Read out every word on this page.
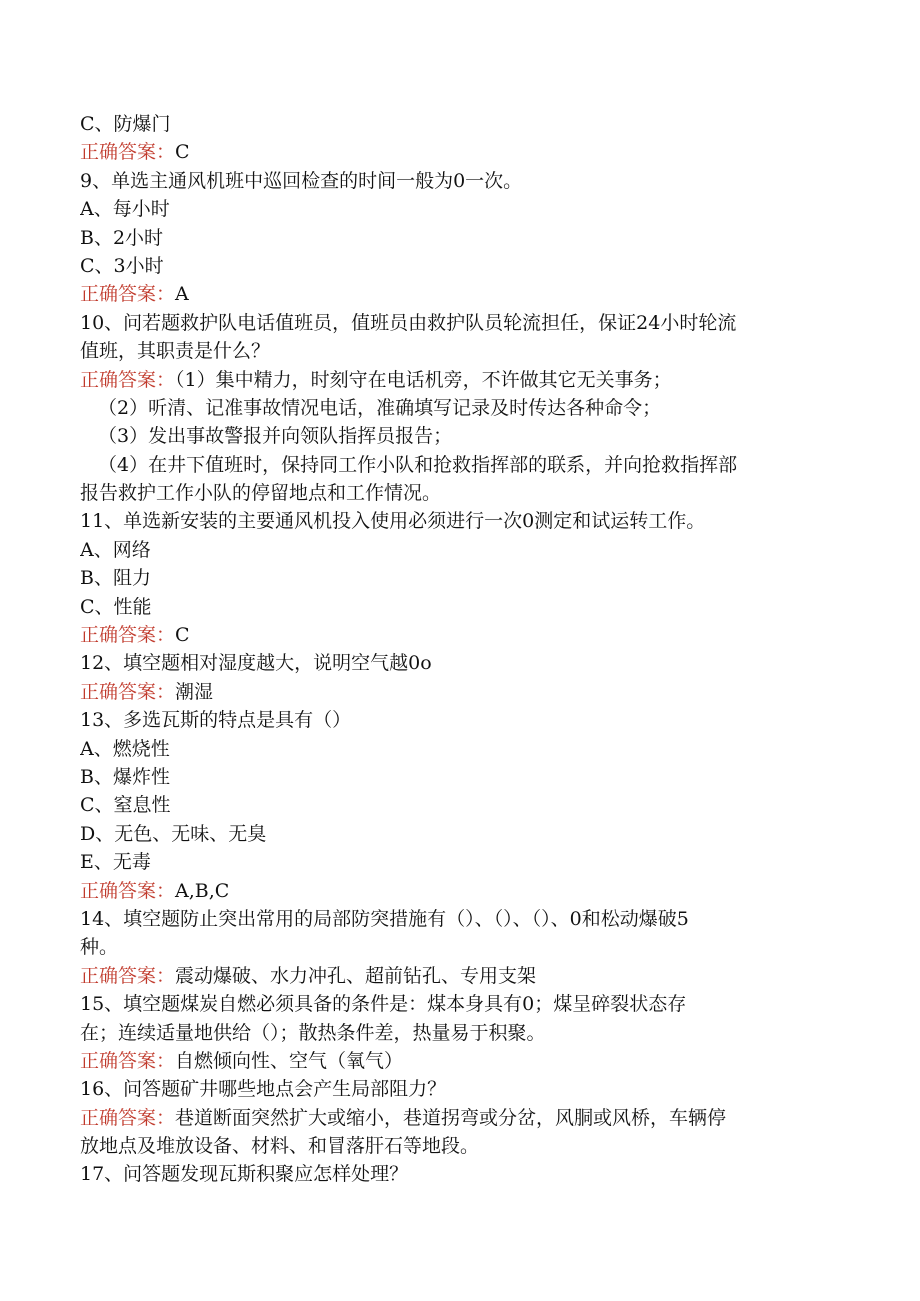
C、防爆门
正确答案：C
9、单选主通风机班中巡回检查的时间一般为0一次。
A、每小时
B、2小时
C、3小时
正确答案：A
10、问若题救护队电话值班员，值班员由救护队员轮流担任，保证24小时轮流
值班，其职责是什么？
正确答案：（1）集中精力，时刻守在电话机旁，不许做其它无关事务；
（2）听清、记准事故情况电话，准确填写记录及时传达各种命令；
（3）发出事故警报并向领队指挥员报告；
（4）在井下值班时，保持同工作小队和抢救指挥部的联系，并向抢救指挥部
报告救护工作小队的停留地点和工作情况。
11、单选新安装的主要通风机投入使用必须进行一次0测定和试运转工作。
A、网络
B、阻力
C、性能
正确答案：C
12、填空题相对湿度越大，说明空气越0o
正确答案：潮湿
13、多选瓦斯的特点是具有（）
A、燃烧性
B、爆炸性
C、窒息性
D、无色、无味、无臭
E、无毒
正确答案：A,B,C
14、填空题防止突出常用的局部防突措施有（）、（）、（）、0和松动爆破5
种。
正确答案：震动爆破、水力冲孔、超前钻孔、专用支架
15、填空题煤炭自燃必须具备的条件是：煤本身具有0；煤呈碎裂状态存
在；连续适量地供给（）；散热条件差，热量易于积聚。
正确答案：自燃倾向性、空气（氧气）
16、问答题矿井哪些地点会产生局部阻力？
正确答案：巷道断面突然扩大或缩小，巷道拐弯或分岔，风胴或风桥，车辆停
放地点及堆放设备、材料、和冒落肝石等地段。
17、问答题发现瓦斯积聚应怎样处理？
